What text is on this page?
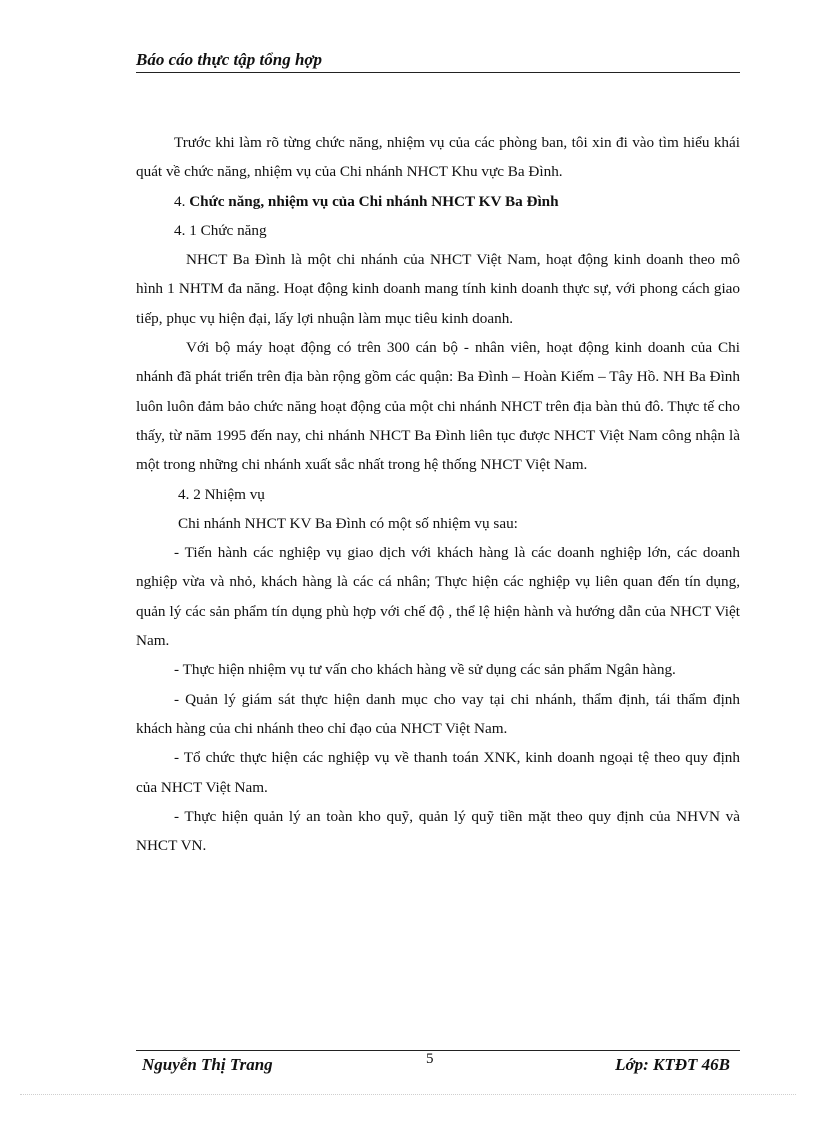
Báo cáo thực tập tổng hợp

Trước khi làm rõ từng chức năng, nhiệm vụ của các phòng ban, tôi xin đi vào tìm hiểu khái quát về chức năng, nhiệm vụ của Chi nhánh NHCT Khu vực Ba Đình.

4. Chức năng, nhiệm vụ của Chi nhánh NHCT KV Ba Đình

4. 1 Chức năng

NHCT Ba Đình là một chi nhánh của NHCT Việt Nam, hoạt động kinh doanh theo mô hình 1 NHTM đa năng. Hoạt động kinh doanh mang tính kinh doanh thực sự, với phong cách giao tiếp, phục vụ hiện đại, lấy lợi nhuận làm mục tiêu kinh doanh.

Với bộ máy hoạt động có trên 300 cán bộ - nhân viên, hoạt động kinh doanh của Chi nhánh đã phát triển trên địa bàn rộng gồm các quận: Ba Đình – Hoàn Kiếm – Tây Hồ. NH Ba Đình luôn luôn đảm bảo chức năng hoạt động của một chi nhánh NHCT trên địa bàn thủ đô. Thực tế cho thấy, từ năm 1995 đến nay, chi nhánh NHCT Ba Đình liên tục được NHCT Việt Nam công nhận là một trong những chi nhánh xuất sắc nhất trong hệ thống NHCT Việt Nam.

4. 2 Nhiệm vụ

Chi nhánh NHCT KV Ba Đình có một số nhiệm vụ sau:

- Tiến hành các nghiệp vụ giao dịch với khách hàng là các doanh nghiệp lớn, các doanh nghiệp vừa và nhỏ, khách hàng là các cá nhân; Thực hiện các nghiệp vụ liên quan đến tín dụng, quản lý các sản phẩm tín dụng phù hợp với chế độ , thể lệ hiện hành và hướng dẫn của NHCT Việt Nam.

- Thực hiện nhiệm vụ tư vấn cho khách hàng về sử dụng các sản phẩm Ngân hàng.

- Quản lý giám sát thực hiện danh mục cho vay tại chi nhánh, thẩm định, tái thẩm định khách hàng của chi nhánh theo chỉ đạo của NHCT Việt Nam.

- Tổ chức thực hiện các nghiệp vụ về thanh toán XNK, kinh doanh ngoại tệ theo quy định của NHCT Việt Nam.

- Thực hiện quản lý an toàn kho quỹ, quản lý quỹ tiền mặt theo quy định của NHVN và NHCT VN.

Nguyễn Thị Trang	5	Lớp: KTĐT 46B
